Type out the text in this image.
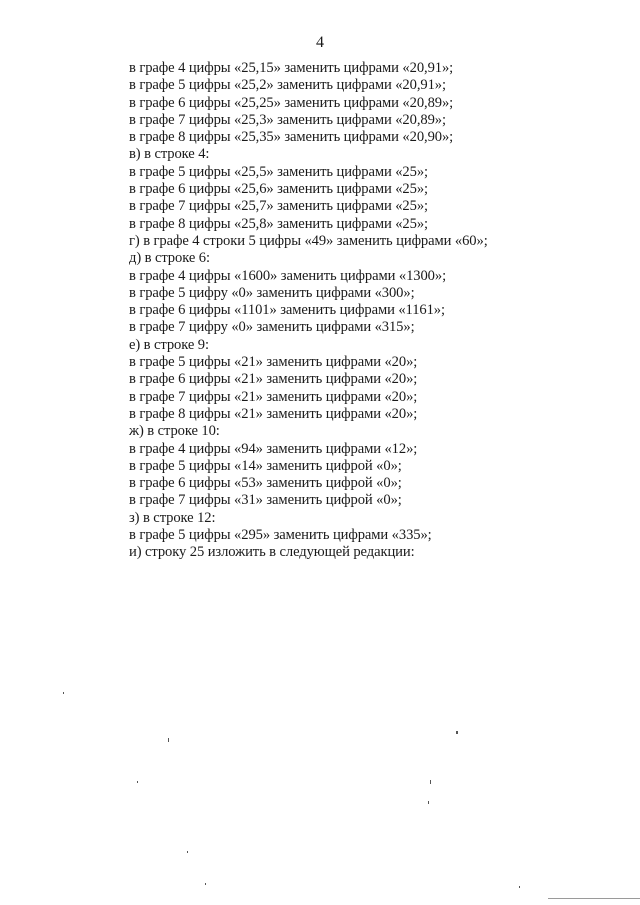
4
в графе 4 цифры «25,15» заменить цифрами «20,91»;
в графе 5 цифры «25,2» заменить цифрами «20,91»;
в графе 6 цифры «25,25» заменить цифрами «20,89»;
в графе 7 цифры «25,3» заменить цифрами «20,89»;
в графе 8 цифры «25,35» заменить цифрами «20,90»;
в) в строке 4:
в графе 5 цифры «25,5» заменить цифрами «25»;
в графе 6 цифры «25,6» заменить цифрами «25»;
в графе 7 цифры «25,7» заменить цифрами «25»;
в графе 8 цифры «25,8» заменить цифрами «25»;
г) в графе 4 строки 5 цифры «49» заменить цифрами «60»;
д) в строке 6:
в графе 4 цифры «1600» заменить цифрами «1300»;
в графе 5 цифру «0» заменить цифрами «300»;
в графе 6 цифры «1101» заменить цифрами «1161»;
в графе 7 цифру «0» заменить цифрами «315»;
е) в строке 9:
в графе 5 цифры «21» заменить цифрами «20»;
в графе 6 цифры «21» заменить цифрами «20»;
в графе 7 цифры «21» заменить цифрами «20»;
в графе 8 цифры «21» заменить цифрами «20»;
ж) в строке 10:
в графе 4 цифры «94» заменить цифрами «12»;
в графе 5 цифры «14» заменить цифрой «0»;
в графе 6 цифры «53» заменить цифрой «0»;
в графе 7 цифры «31» заменить цифрой «0»;
з) в строке 12:
в графе 5 цифры «295» заменить цифрами «335»;
и) строку 25 изложить в следующей редакции:
